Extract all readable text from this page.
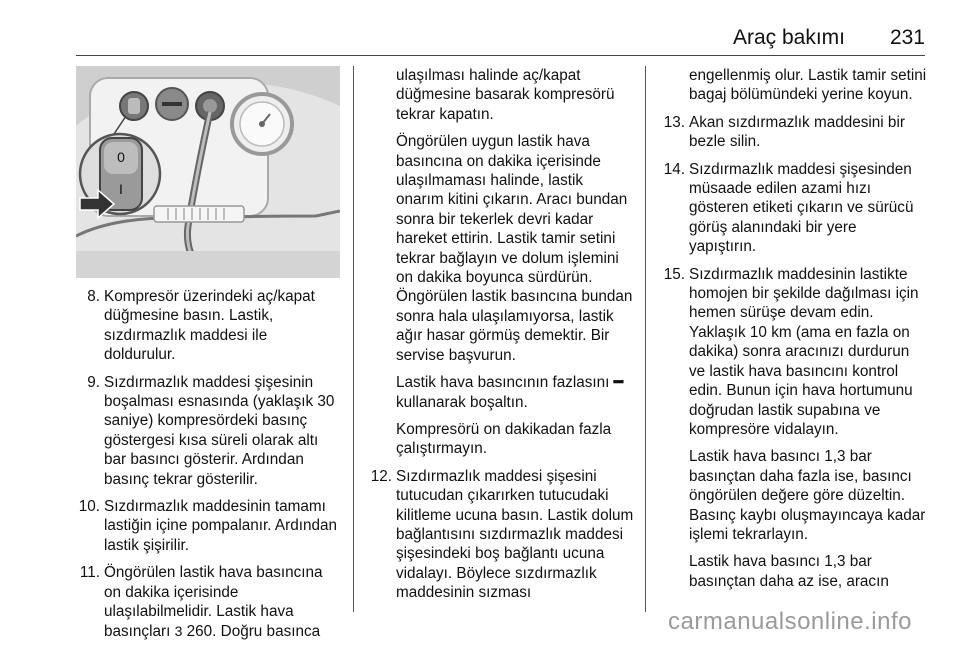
Araç bakımı 231
0
I
8. Kompresör üzerindeki aç/kapat düğmesine basın. Lastik, sızdırmazlık maddesi ile doldurulur.

9. Sızdırmazlık maddesi şişesinin boşalması esnasında (yaklaşık 30 saniye) kompresördeki basınç göstergesi kısa süreli olarak altı bar basıncı gösterir. Ardından basınç tekrar gösterilir.

10. Sızdırmazlık maddesinin tamamı lastiğin içine pompalanır. Ardından lastik şişirilir.

11. Öngörülen lastik hava basıncına on dakika içerisinde ulaşılabilmelidir. Lastik hava basınçları 3 260. Doğru basınca

ulaşılması halinde aç/kapat düğmesine basarak kompresörü tekrar kapatın.

Öngörülen uygun lastik hava basıncına on dakika içerisinde ulaşılmaması halinde, lastik onarım kitini çıkarın. Aracı bundan sonra bir tekerlek devri kadar hareket ettirin. Lastik tamir setini tekrar bağlayın ve dolum işlemini on dakika boyunca sürdürün. Öngörülen lastik basıncına bundan sonra hala ulaşılamıyorsa, lastik ağır hasar görmüş demektir. Bir servise başvurun.

Lastik hava basıncının fazlasını ━ kullanarak boşaltın.

Kompresörü on dakikadan fazla çalıştırmayın.

12. Sızdırmazlık maddesi şişesini tutucudan çıkarırken tutucudaki kilitleme ucuna basın. Lastik dolum bağlantısını sızdırmazlık maddesi şişesindeki boş bağlantı ucuna vidalayı. Böylece sızdırmazlık maddesinin sızması

engellenmiş olur. Lastik tamir setini bagaj bölümündeki yerine koyun.

13. Akan sızdırmazlık maddesini bir bezle silin.

14. Sızdırmazlık maddesi şişesinden müsaade edilen azami hızı gösteren etiketi çıkarın ve sürücü görüş alanındaki bir yere yapıştırın.

15. Sızdırmazlık maddesinin lastikte homojen bir şekilde dağılması için hemen sürüşe devam edin. Yaklaşık 10 km (ama en fazla on dakika) sonra aracınızı durdurun ve lastik hava basıncını kontrol edin. Bunun için hava hortumunu doğrudan lastik supabına ve kompresöre vidalayın.

Lastik hava basıncı 1,3 bar basınçtan daha fazla ise, basıncı öngörülen değere göre düzeltin. Basınç kaybı oluşmayıncaya kadar işlemi tekrarlayın.

Lastik hava basıncı 1,3 bar basınçtan daha az ise, aracın

carmanualsonline.info
